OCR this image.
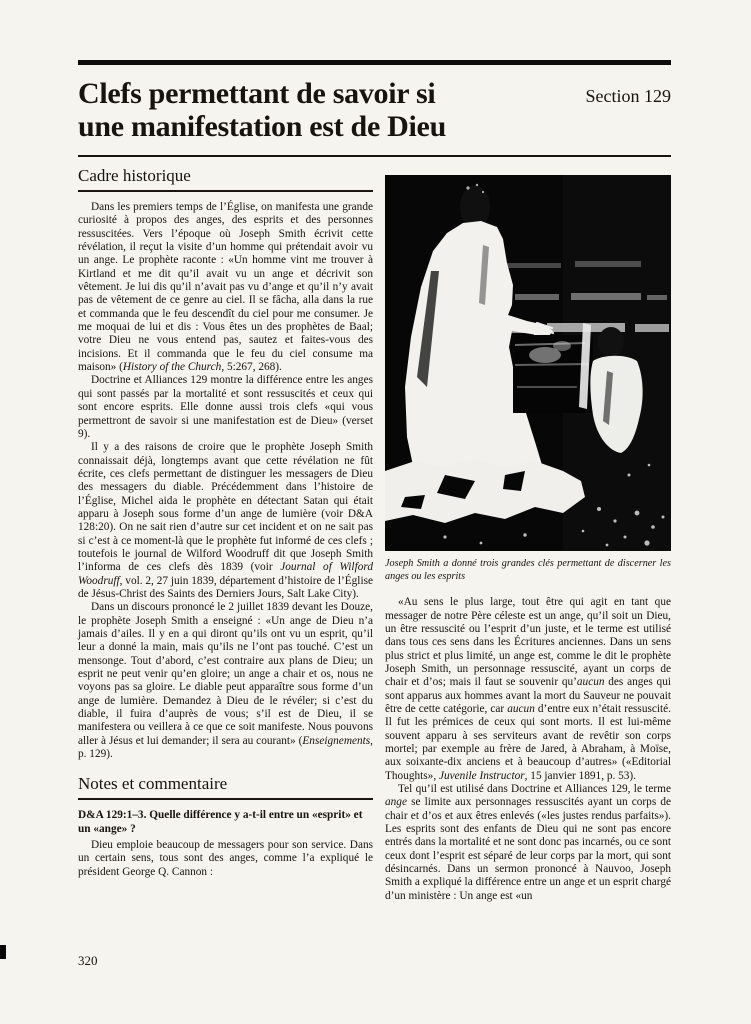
Clefs permettant de savoir si
une manifestation est de Dieu
Section 129
Cadre historique

Dans les premiers temps de l’Église, on manifesta une grande curiosité à propos des anges, des esprits et des personnes ressuscitées. Vers l’époque où Joseph Smith écrivit cette révélation, il reçut la visite d’un homme qui prétendait avoir vu un ange. Le prophète raconte : «Un homme vint me trouver à Kirtland et me dit qu’il avait vu un ange et décrivit son vêtement. Je lui dis qu’il n’avait pas vu d’ange et qu’il n’y avait pas de vêtement de ce genre au ciel. Il se fâcha, alla dans la rue et commanda que le feu descendît du ciel pour me consumer. Je me moquai de lui et dis : Vous êtes un des prophètes de Baal; votre Dieu ne vous entend pas, sautez et faites-vous des incisions. Et il commanda que le feu du ciel consume ma maison» (History of the Church, 5:267, 268).

Doctrine et Alliances 129 montre la différence entre les anges qui sont passés par la mortalité et sont ressuscités et ceux qui sont encore esprits. Elle donne aussi trois clefs «qui vous permettront de savoir si une manifestation est de Dieu» (verset 9).

Il y a des raisons de croire que le prophète Joseph Smith connaissait déjà, longtemps avant que cette révélation ne fût écrite, ces clefs permettant de distinguer les messagers de Dieu des messagers du diable. Précédemment dans l’histoire de l’Église, Michel aida le prophète en détectant Satan qui était apparu à Joseph sous forme d’un ange de lumière (voir D&A 128:20). On ne sait rien d’autre sur cet incident et on ne sait pas si c’est à ce moment-là que le prophète fut informé de ces clefs ; toutefois le journal de Wilford Woodruff dit que Joseph Smith l’informa de ces clefs dès 1839 (voir Journal of Wilford Woodruff, vol. 2, 27 juin 1839, département d’histoire de l’Église de Jésus-Christ des Saints des Derniers Jours, Salt Lake City).

Dans un discours prononcé le 2 juillet 1839 devant les Douze, le prophète Joseph Smith a enseigné : «Un ange de Dieu n’a jamais d’ailes. Il y en a qui diront qu’ils ont vu un esprit, qu’il leur a donné la main, mais qu’ils ne l’ont pas touché. C’est un mensonge. Tout d’abord, c’est contraire aux plans de Dieu; un esprit ne peut venir qu’en gloire; un ange a chair et os, nous ne voyons pas sa gloire. Le diable peut apparaître sous forme d’un ange de lumière. Demandez à Dieu de le révéler; si c’est du diable, il fuira d’auprès de vous; s’il est de Dieu, il se manifestera ou veillera à ce que ce soit manifeste. Nous pouvons aller à Jésus et lui demander; il sera au courant» (Enseignements, p. 129).

Notes et commentaire

D&A 129:1–3. Quelle différence y a-t-il entre un «esprit» et un «ange» ?

Dieu emploie beaucoup de messagers pour son service. Dans un certain sens, tous sont des anges, comme l’a expliqué le président George Q. Cannon :

Joseph Smith a donné trois grandes clés permettant de discerner les anges ou les esprits

«Au sens le plus large, tout être qui agit en tant que messager de notre Père céleste est un ange, qu’il soit un Dieu, un être ressuscité ou l’esprit d’un juste, et le terme est utilisé dans tous ces sens dans les Écritures anciennes. Dans un sens plus strict et plus limité, un ange est, comme le dit le prophète Joseph Smith, un personnage ressuscité, ayant un corps de chair et d’os; mais il faut se souvenir qu’aucun des anges qui sont apparus aux hommes avant la mort du Sauveur ne pouvait être de cette catégorie, car aucun d’entre eux n’était ressuscité. Il fut les prémices de ceux qui sont morts. Il est lui-même souvent apparu à ses serviteurs avant de revêtir son corps mortel; par exemple au frère de Jared, à Abraham, à Moïse, aux soixante-dix anciens et à beaucoup d’autres» («Editorial Thoughts», Juvenile Instructor, 15 janvier 1891, p. 53).

Tel qu’il est utilisé dans Doctrine et Alliances 129, le terme ange se limite aux personnages ressuscités ayant un corps de chair et d’os et aux êtres enlevés («les justes rendus parfaits»). Les esprits sont des enfants de Dieu qui ne sont pas encore entrés dans la mortalité et ne sont donc pas incarnés, ou ce sont ceux dont l’esprit est séparé de leur corps par la mort, qui sont désincarnés. Dans un sermon prononcé à Nauvoo, Joseph Smith a expliqué la différence entre un ange et un esprit chargé d’un ministère : Un ange est «un

320
